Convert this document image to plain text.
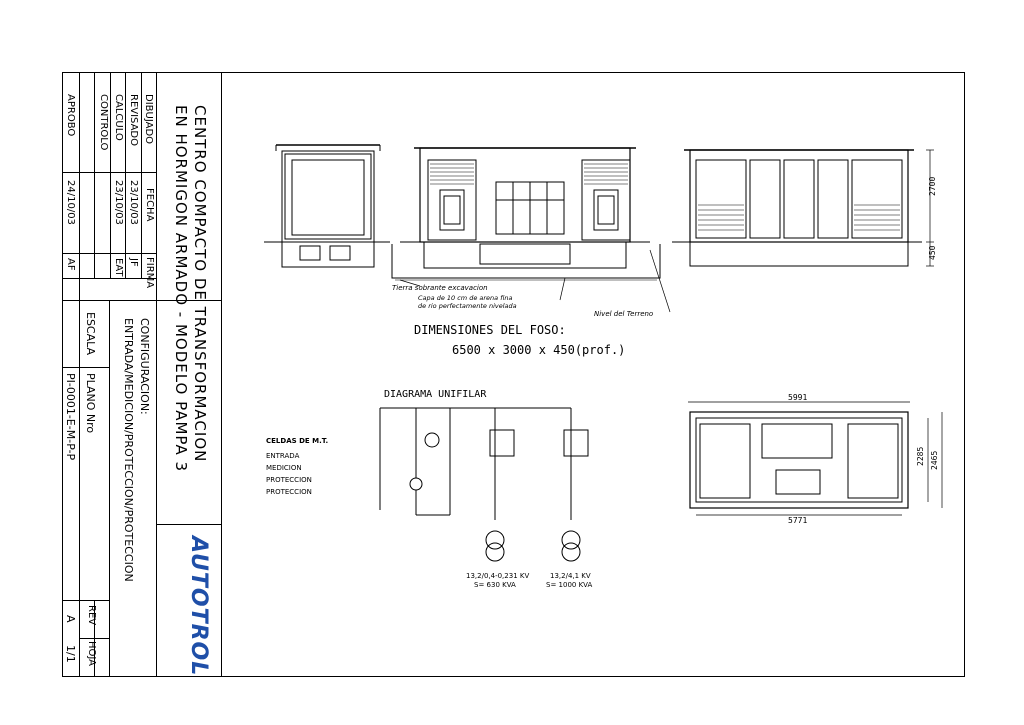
CENTRO COMPACTO DE TRANSFORMACION
EN HORMIGON ARMADO - MODELO PAMPA 3
AUTOTROL
FECHA
FIRMA
DIBUJADO
REVISADO
CALCULO
CONTROLO
APROBO
23/10/03
23/10/03
24/10/03
JF
EAT
AF
CONFIGURACION:
ENTRADA/MEDICION/PROTECCION/PROTECCION
ESCALA
PLANO Nro
PI-0001-E-M-P-P
REV
HOJA
A
1/1
2700
450
5991
5771
2285 2465
Tierra sobrante excavacion
Capa de 10 cm de arena fina
de rio perfectamente nivelada
Nivel del Terreno
DIMENSIONES DEL FOSO:
6500 x 3000 x 450(prof.)
DIAGRAMA UNIFILAR
CELDAS DE M.T.
ENTRADA
MEDICION
PROTECCION
PROTECCION
13,2/0,4-0,231 KV
S= 630 KVA
13,2/4,1 KV
S= 1000 KVA
